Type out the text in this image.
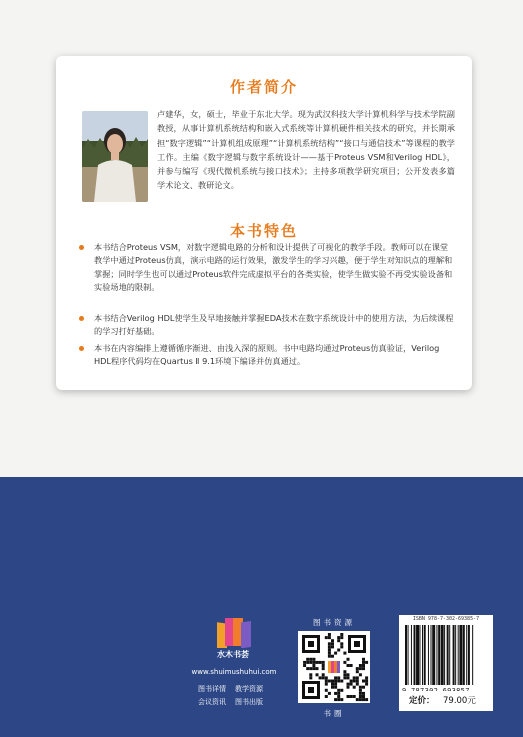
作者简介
卢建华，女，硕士，毕业于东北大学。现为武汉科技大学计算机科学与技术学院副教授，从事计算机系统结构和嵌入式系统等计算机硬件相关技术的研究，并长期承担“数字逻辑”“计算机组成原理”“计算机系统结构”“接口与通信技术”等课程的教学工作。主编《数字逻辑与数字系统设计——基于Proteus VSM和Verilog HDL》，并参与编写《现代微机系统与接口技术》；主持多项教学研究项目；公开发表多篇学术论文、教研论文。
本书特色
本书结合Proteus VSM，对数字逻辑电路的分析和设计提供了可视化的教学手段。教师可以在课堂教学中通过Proteus仿真，演示电路的运行效果，激发学生的学习兴趣，便于学生对知识点的理解和掌握；同时学生也可以通过Proteus软件完成虚拟平台的各类实验，使学生做实验不再受实验设备和实验场地的限制。
本书结合Verilog HDL使学生及早地接触并掌握EDA技术在数字系统设计中的使用方法，为后续课程的学习打好基础。
本书在内容编排上遵循循序渐进、由浅入深的原则。书中电路均通过Proteus仿真验证，Verilog HDL程序代码均在Quartus Ⅱ 9.1环境下编译并仿真通过。
水木书荟
www.shuimushuhui.com
图书详情 教学资源
会议资讯 图书出版
图书资源
书圈
ISBN 978-7-302-69385-7
定价： 79.00元
